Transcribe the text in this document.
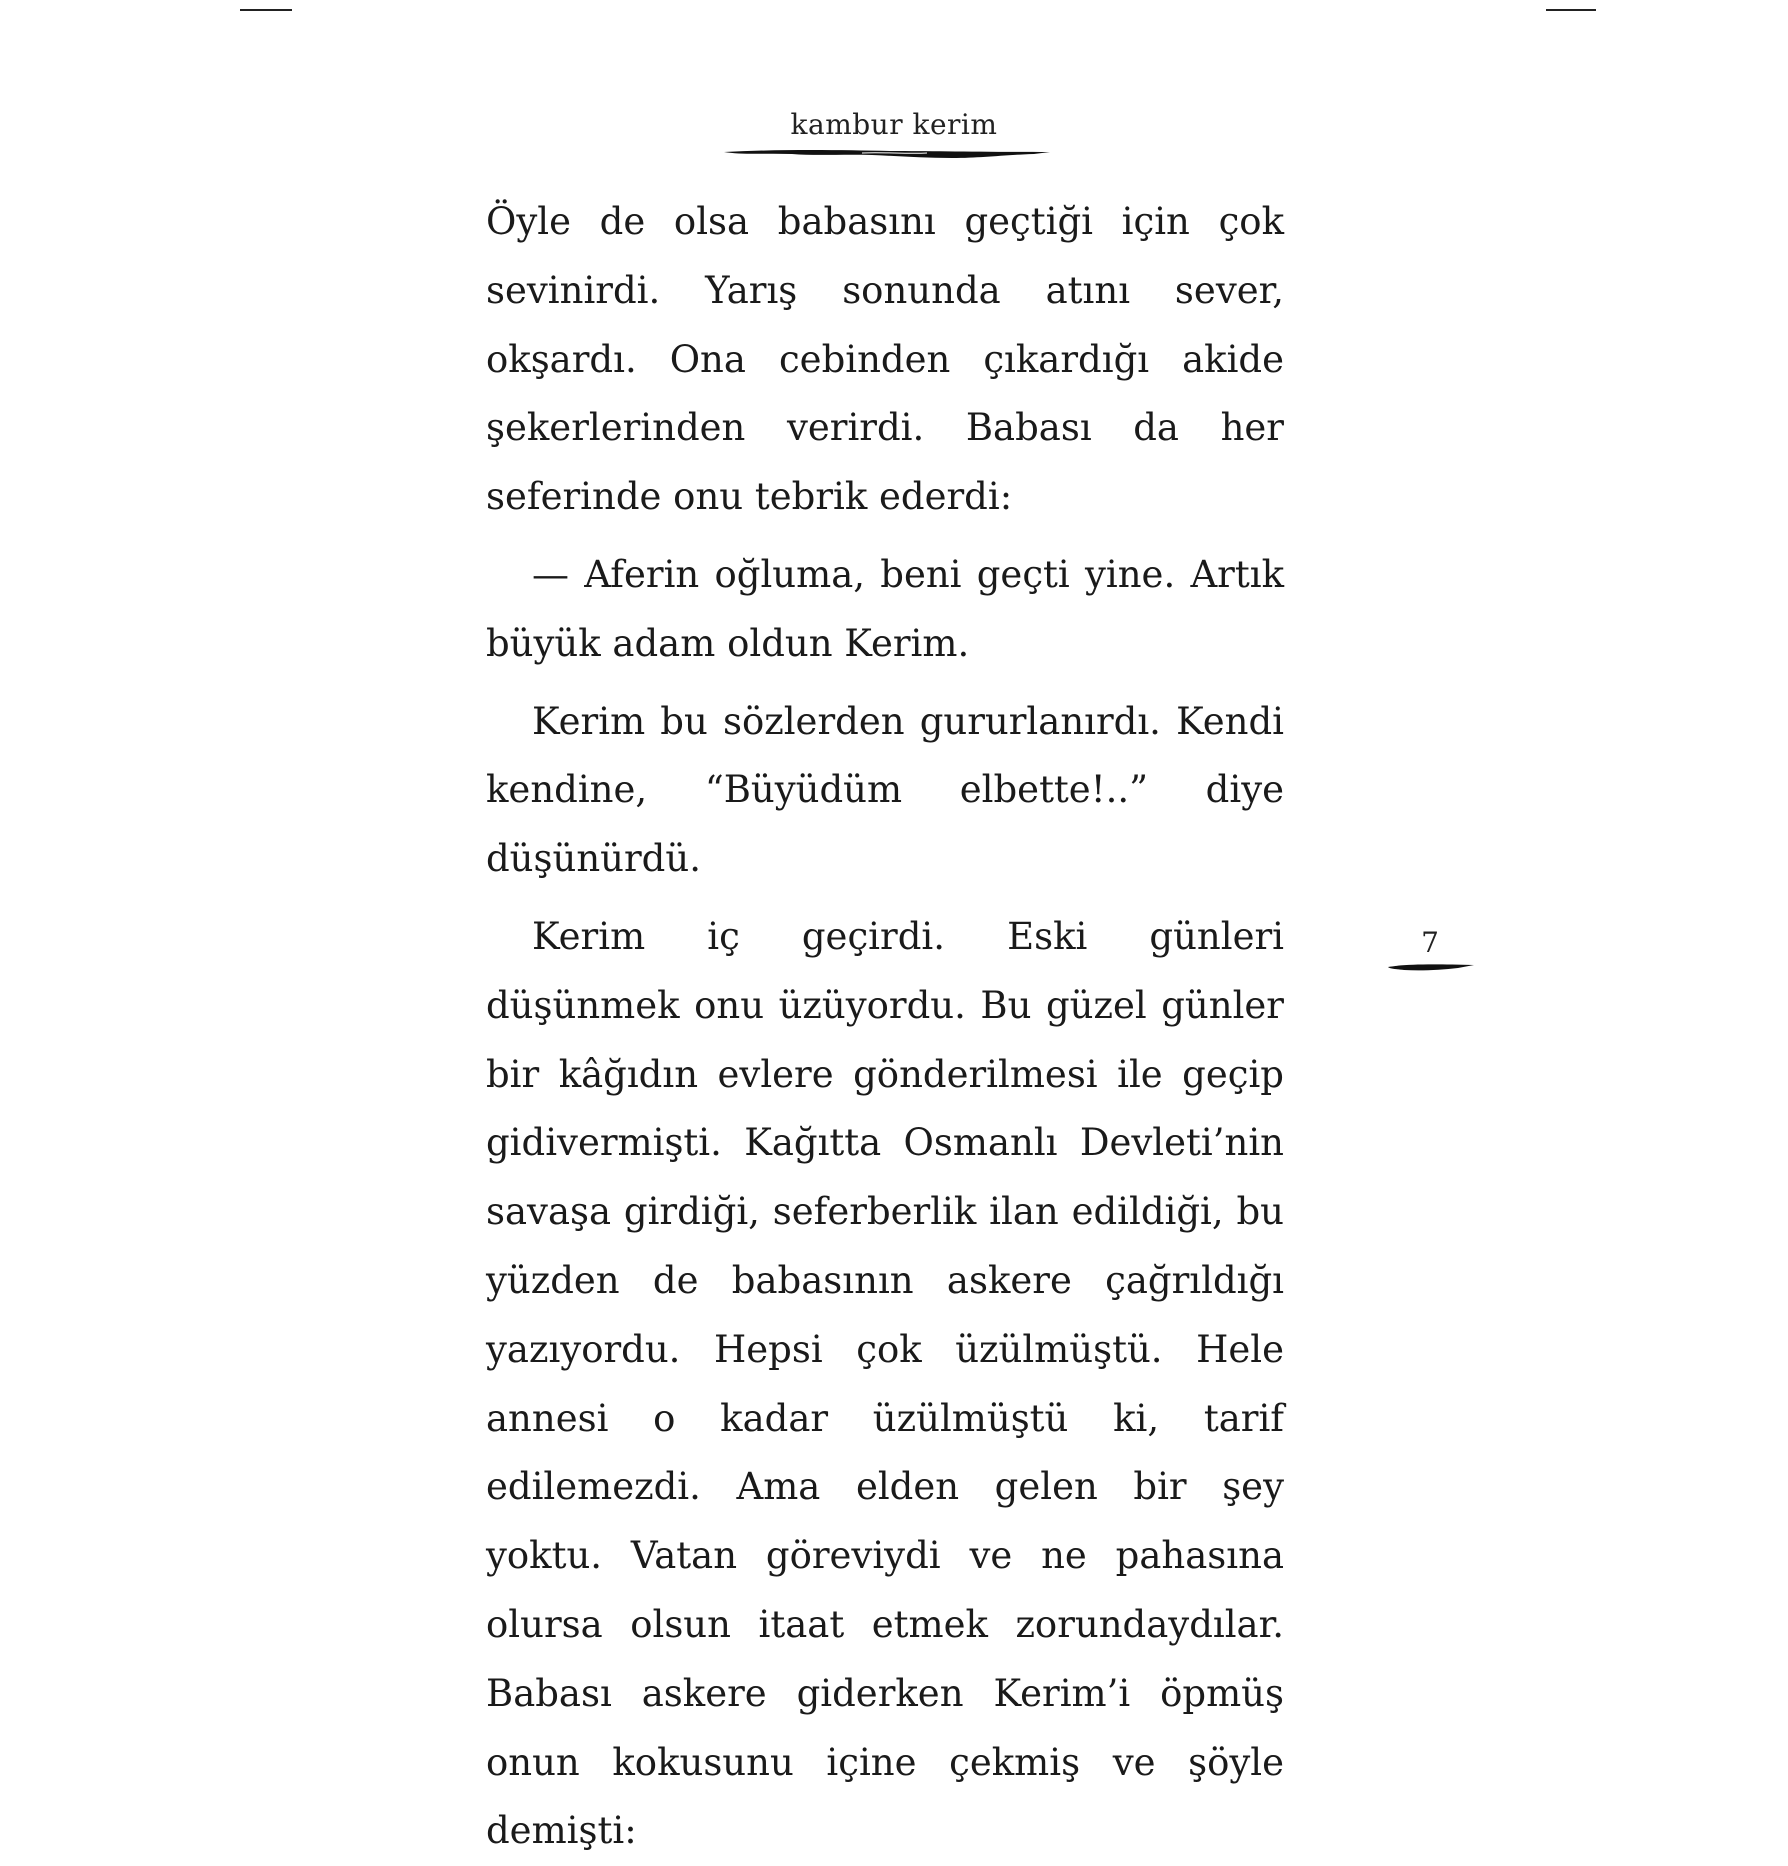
kambur kerim

Öyle de olsa babasını geçtiği için çok sevinirdi. Yarış sonunda atını sever, okşardı. Ona cebinden çıkardığı akide şekerlerinden verirdi. Babası da her seferinde onu tebrik ederdi:

— Aferin oğluma, beni geçti yine. Artık büyük adam oldun Kerim.

Kerim bu sözlerden gururlanırdı. Kendi kendine, “Büyüdüm elbette!..” diye düşünürdü.

Kerim iç geçirdi. Eski günleri düşünmek onu üzüyordu. Bu güzel günler bir kâğıdın evlere gönderilmesi ile geçip gidivermişti. Kağıtta Osmanlı Devleti’nin savaşa girdiği, seferberlik ilan edildiği, bu yüzden de babasının askere çağrıldığı yazıyordu. Hepsi çok üzülmüştü. Hele annesi o kadar üzülmüştü ki, tarif edilemezdi. Ama elden gelen bir şey yoktu. Vatan göreviydi ve ne pahasına olursa olsun itaat etmek zorundaydılar. Babası askere giderken Kerim’i öpmüş onun kokusunu içine çekmiş ve şöyle demişti:

7
